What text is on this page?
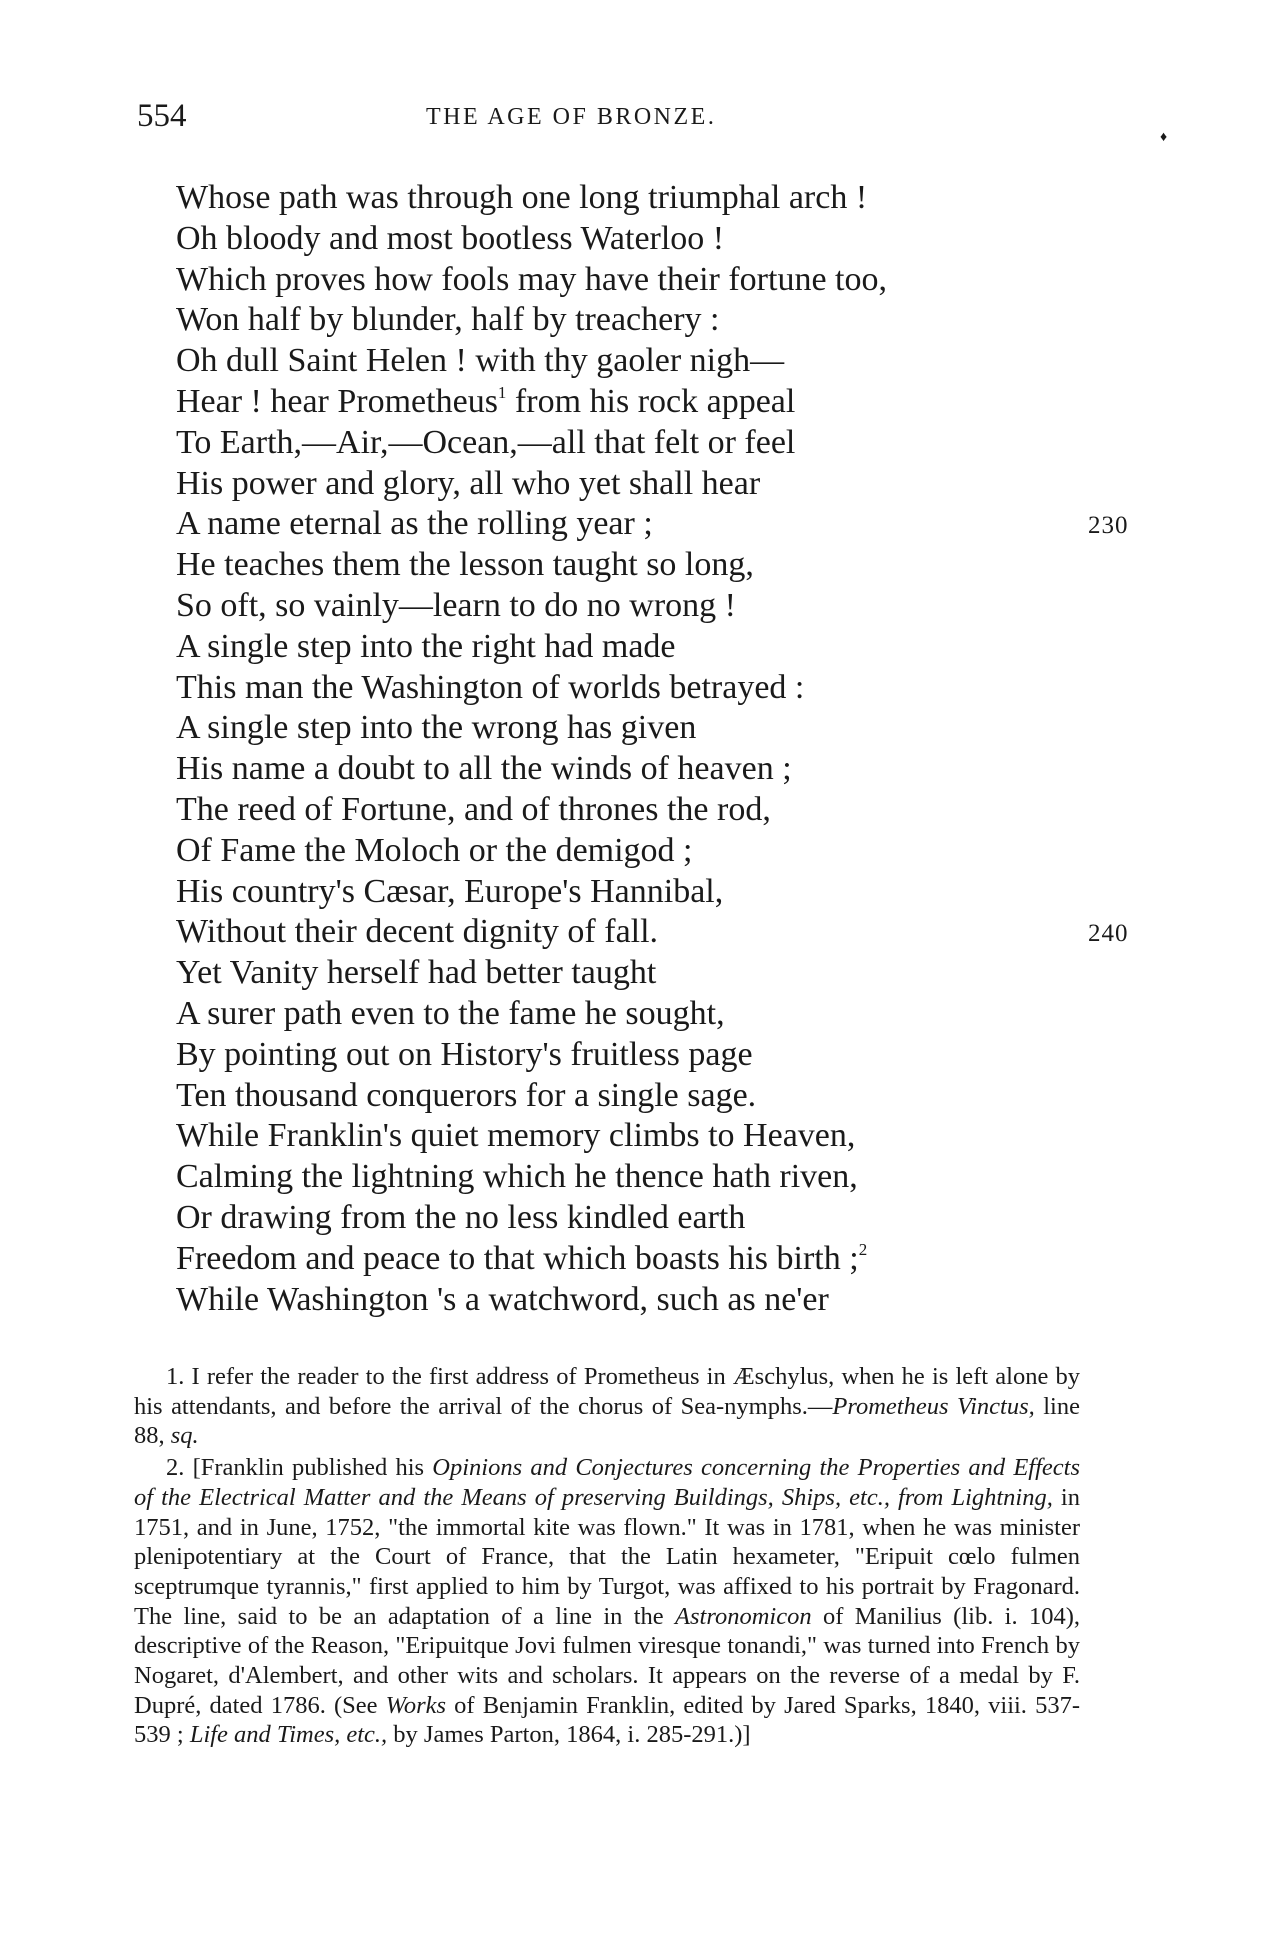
554	THE AGE OF BRONZE.
♦
Whose path was through one long triumphal arch !
Oh bloody and most bootless Waterloo !
Which proves how fools may have their fortune too,
Won half by blunder, half by treachery :
Oh dull Saint Helen ! with thy gaoler nigh—
Hear ! hear Prometheus$^1$ from his rock appeal
To Earth,—Air,—Ocean,—all that felt or feel
His power and glory, all who yet shall hear
A name eternal as the rolling year ;	230
He teaches them the lesson taught so long,
So oft, so vainly—learn to do no wrong !
A single step into the right had made
This man the Washington of worlds betrayed :
A single step into the wrong has given
His name a doubt to all the winds of heaven ;
The reed of Fortune, and of thrones the rod,
Of Fame the Moloch or the demigod ;
His country's Cæsar, Europe's Hannibal,
Without their decent dignity of fall.	240
Yet Vanity herself had better taught
A surer path even to the fame he sought,
By pointing out on History's fruitless page
Ten thousand conquerors for a single sage.
While Franklin's quiet memory climbs to Heaven,
Calming the lightning which he thence hath riven,
Or drawing from the no less kindled earth
Freedom and peace to that which boasts his birth ;$^2$
While Washington 's a watchword, such as ne'er

1. I refer the reader to the first address of Prometheus in Æschylus, when he is left alone by his attendants, and before the arrival of the chorus of Sea-nymphs.—Prometheus Vinctus, line 88, sq.

2. [Franklin published his Opinions and Conjectures concerning the Properties and Effects of the Electrical Matter and the Means of preserving Buildings, Ships, etc., from Lightning, in 1751, and in June, 1752, "the immortal kite was flown." It was in 1781, when he was minister plenipotentiary at the Court of France, that the Latin hexameter, "Eripuit cœlo fulmen sceptrumque tyrannis," first applied to him by Turgot, was affixed to his portrait by Fragonard. The line, said to be an adaptation of a line in the Astronomicon of Manilius (lib. i. 104), descriptive of the Reason, "Eripuitque Jovi fulmen viresque tonandi," was turned into French by Nogaret, d'Alembert, and other wits and scholars. It appears on the reverse of a medal by F. Dupré, dated 1786. (See Works of Benjamin Franklin, edited by Jared Sparks, 1840, viii. 537-539 ; Life and Times, etc., by James Parton, 1864, i. 285-291.)]
